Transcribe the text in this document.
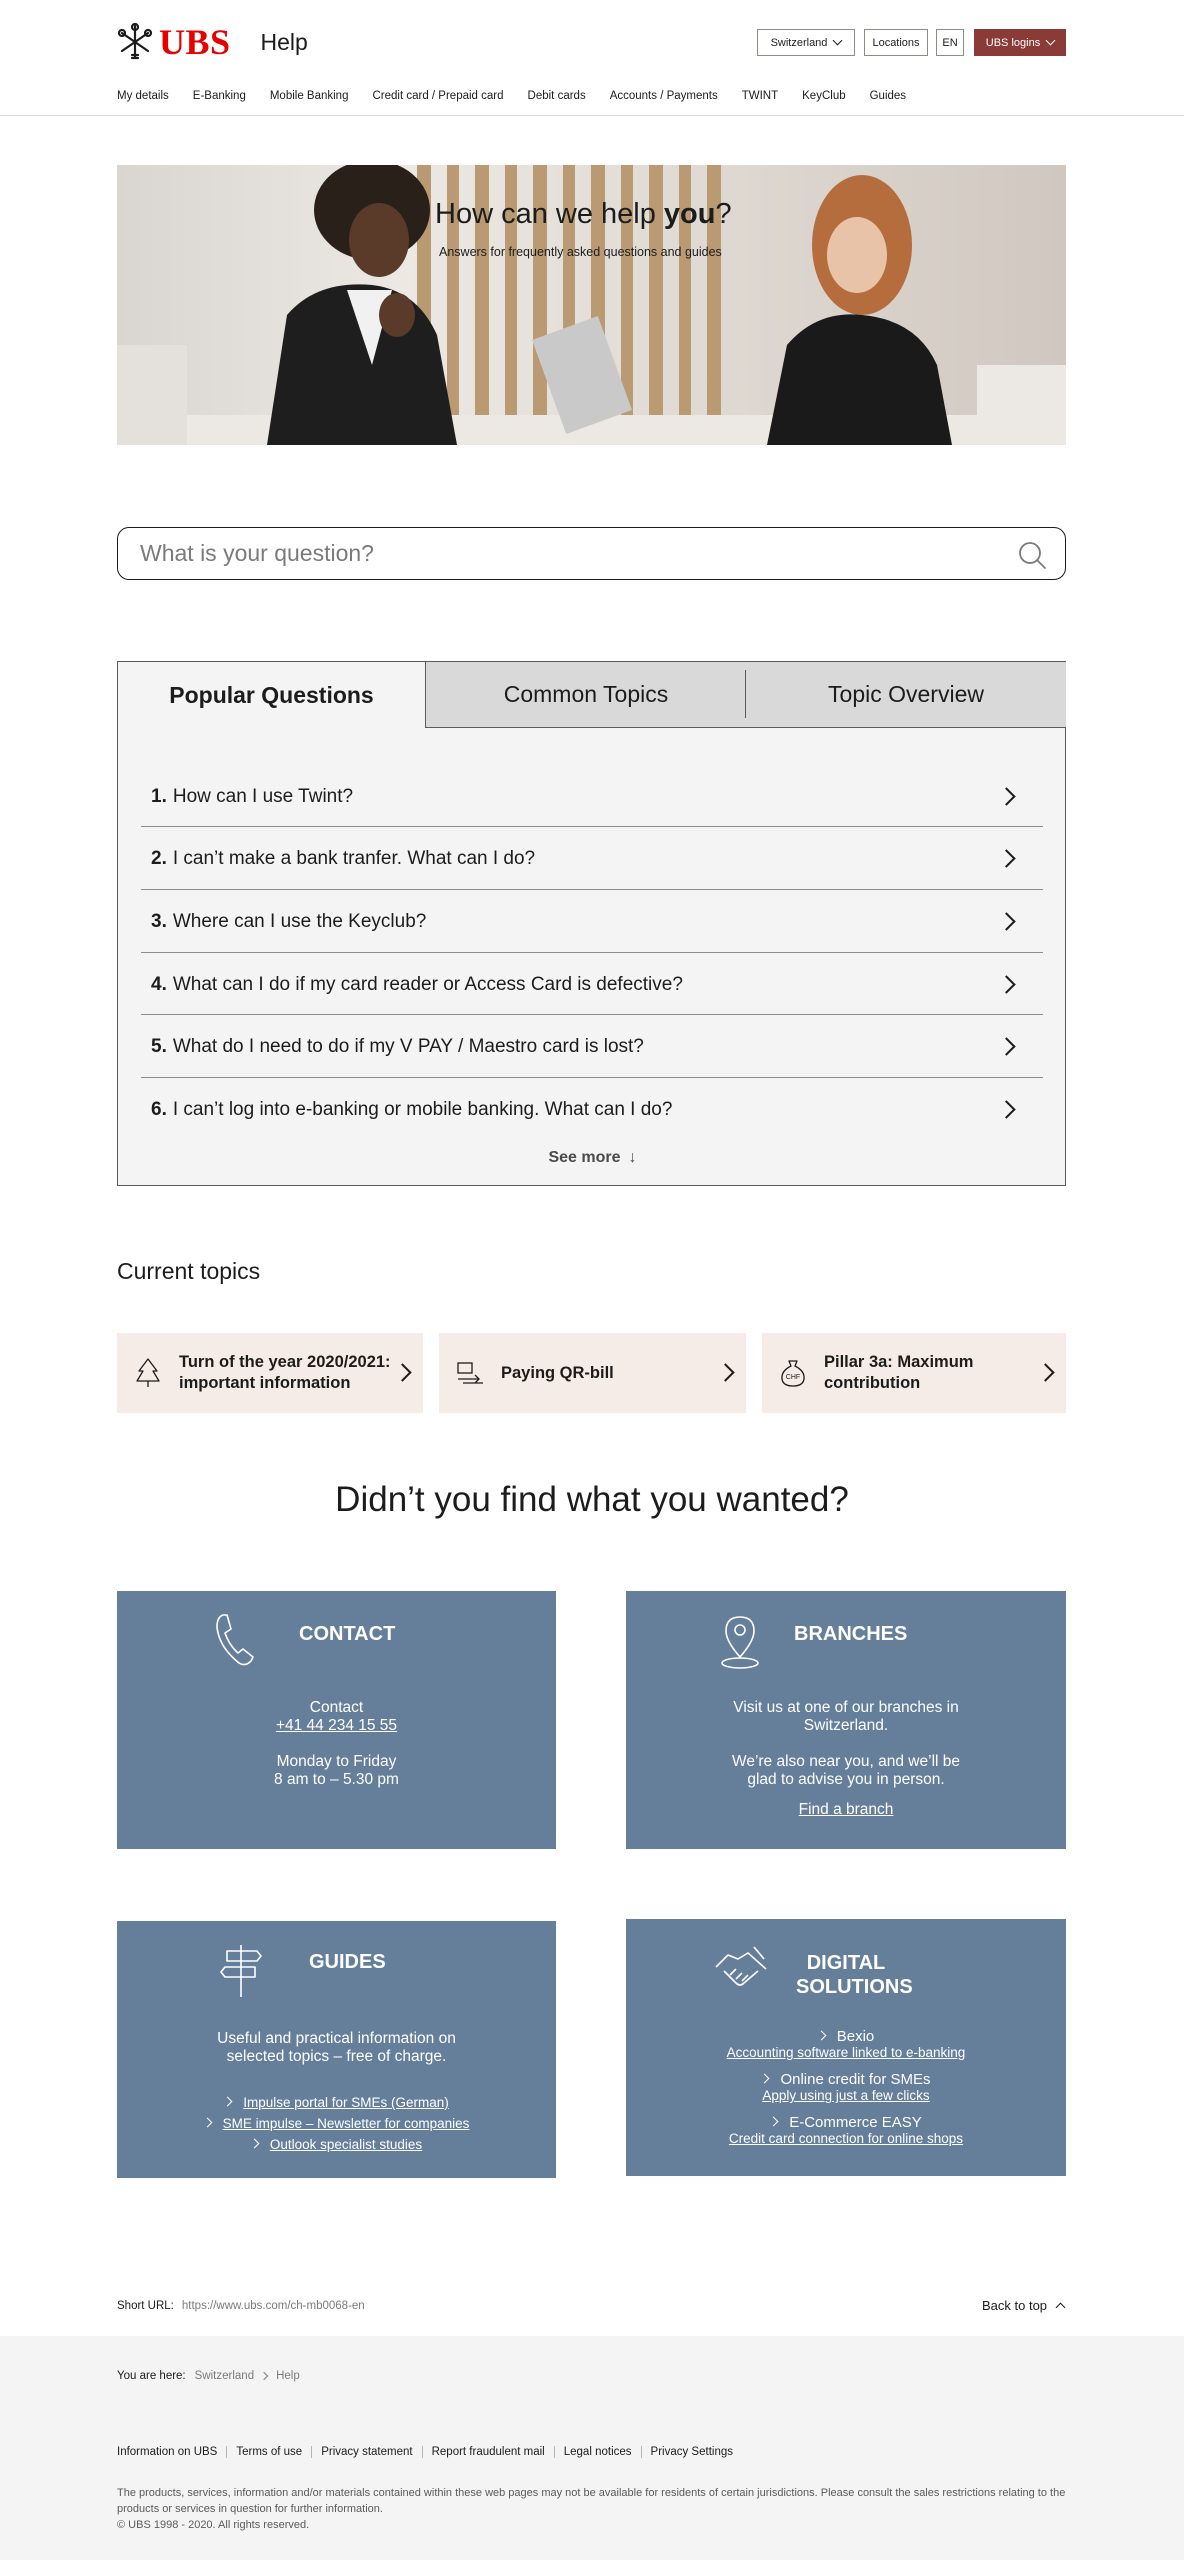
UBS Help	Switzerland	Locations EN	UBS logins
My details E-Banking Mobile Banking Credit card / Prepaid card Debit cards Accounts / Payments TWINT KeyClub Guides
How can we help you?
Answers for frequently asked questions and guides
What is your question?
Popular Questions	Common Topics	Topic Overview
1. How can I use Twint?
2. I can’t make a bank tranfer. What can I do?
3. Where can I use the Keyclub?
4. What can I do if my card reader or Access Card is defective?
5. What do I need to do if my V PAY / Maestro card is lost?
6. I can’t log into e-banking or mobile banking. What can I do?
See more ↓
Current topics
Turn of the year 2020/2021:
important information
Paying QR-bill	CHF
Pillar 3a: Maximum
contribution
Didn’t you find what you wanted?
CONTACT
Contact
+41 44 234 15 55
Monday to Friday
8 am to – 5.30 pm
BRANCHES
Visit us at one of our branches in
Switzerland.
We’re also near you, and we’ll be
glad to advise you in person.
Find a branch
GUIDES
Useful and practical information on
selected topics – free of charge.
Impulse portal for SMEs (German)
SME impulse – Newsletter for companies
Outlook specialist studies
DIGITAL
SOLUTIONS
Bexio
Accounting software linked to e-banking
Online credit for SMEs
Apply using just a few clicks
E-Commerce EASY
Credit card connection for online shops
Short URL: https://www.ubs.com/ch-mb0068-en	Back to top
You are here: Switzerland Help
Information on UBS	Terms of use	Privacy statement	Report fraudulent mail	Legal notices	Privacy Settings
The products, services, information and/or materials contained within these web pages may not be available for residents of certain jurisdictions. Please consult the sales restrictions relating to the products or services in question for further information.
© UBS 1998 - 2020. All rights reserved.
